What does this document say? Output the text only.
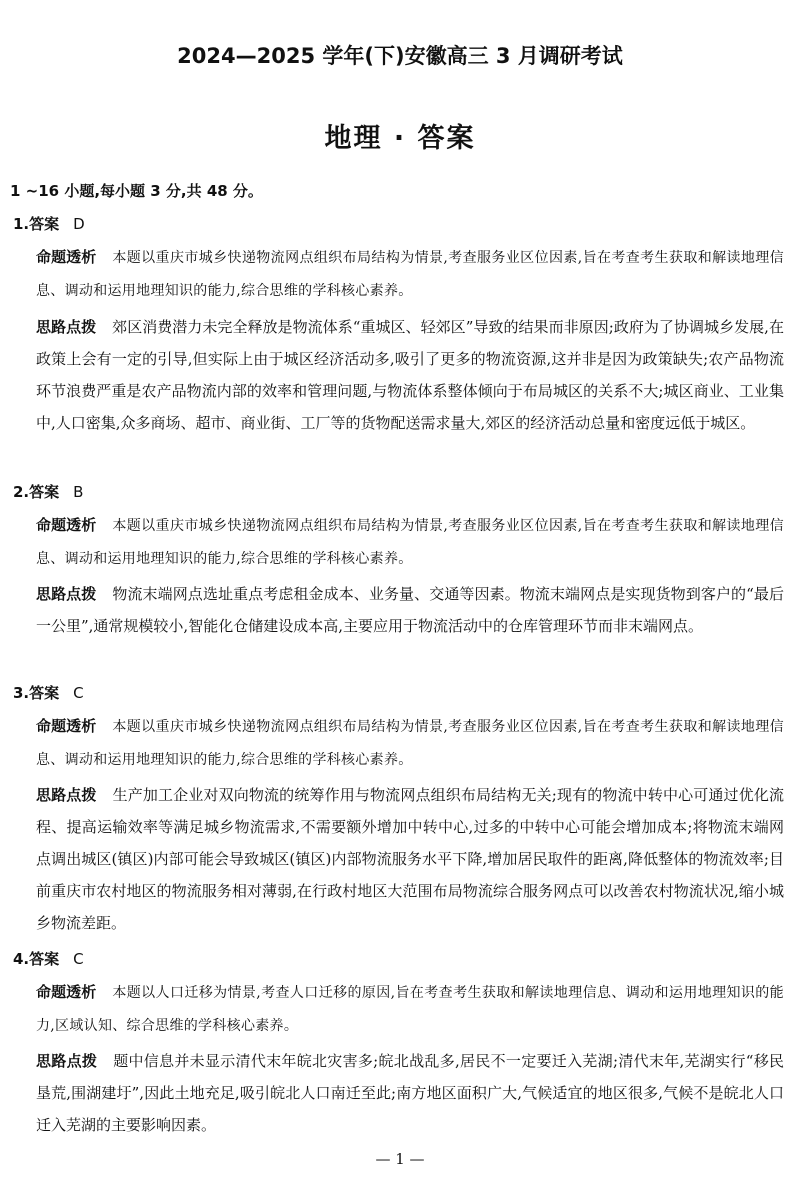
2024—2025 学年(下)安徽高三 3 月调研考试
地理 · 答案
1 ~16 小题,每小题 3 分,共 48 分。
1.答案 D
命题透析 本题以重庆市城乡快递物流网点组织布局结构为情景,考查服务业区位因素,旨在考查考生获取和解读地理信息、调动和运用地理知识的能力,综合思维的学科核心素养。
思路点拨 郊区消费潜力未完全释放是物流体系“重城区、轻郊区”导致的结果而非原因;政府为了协调城乡发展,在政策上会有一定的引导,但实际上由于城区经济活动多,吸引了更多的物流资源,这并非是因为政策缺失;农产品物流环节浪费严重是农产品物流内部的效率和管理问题,与物流体系整体倾向于布局城区的关系不大;城区商业、工业集中,人口密集,众多商场、超市、商业街、工厂等的货物配送需求量大,郊区的经济活动总量和密度远低于城区。
2.答案 B
命题透析 本题以重庆市城乡快递物流网点组织布局结构为情景,考查服务业区位因素,旨在考查考生获取和解读地理信息、调动和运用地理知识的能力,综合思维的学科核心素养。
思路点拨 物流末端网点选址重点考虑租金成本、业务量、交通等因素。物流末端网点是实现货物到客户的“最后一公里”,通常规模较小,智能化仓储建设成本高,主要应用于物流活动中的仓库管理环节而非末端网点。
3.答案 C
命题透析 本题以重庆市城乡快递物流网点组织布局结构为情景,考查服务业区位因素,旨在考查考生获取和解读地理信息、调动和运用地理知识的能力,综合思维的学科核心素养。
思路点拨 生产加工企业对双向物流的统筹作用与物流网点组织布局结构无关;现有的物流中转中心可通过优化流程、提高运输效率等满足城乡物流需求,不需要额外增加中转中心,过多的中转中心可能会增加成本;将物流末端网点调出城区(镇区)内部可能会导致城区(镇区)内部物流服务水平下降,增加居民取件的距离,降低整体的物流效率;目前重庆市农村地区的物流服务相对薄弱,在行政村地区大范围布局物流综合服务网点可以改善农村物流状况,缩小城乡物流差距。
4.答案 C
命题透析 本题以人口迁移为情景,考查人口迁移的原因,旨在考查考生获取和解读地理信息、调动和运用地理知识的能力,区域认知、综合思维的学科核心素养。
思路点拨 题中信息并未显示清代末年皖北灾害多;皖北战乱多,居民不一定要迁入芜湖;清代末年,芜湖实行“移民垦荒,围湖建圩”,因此土地充足,吸引皖北人口南迁至此;南方地区面积广大,气候适宜的地区很多,气候不是皖北人口迁入芜湖的主要影响因素。
— 1 —
